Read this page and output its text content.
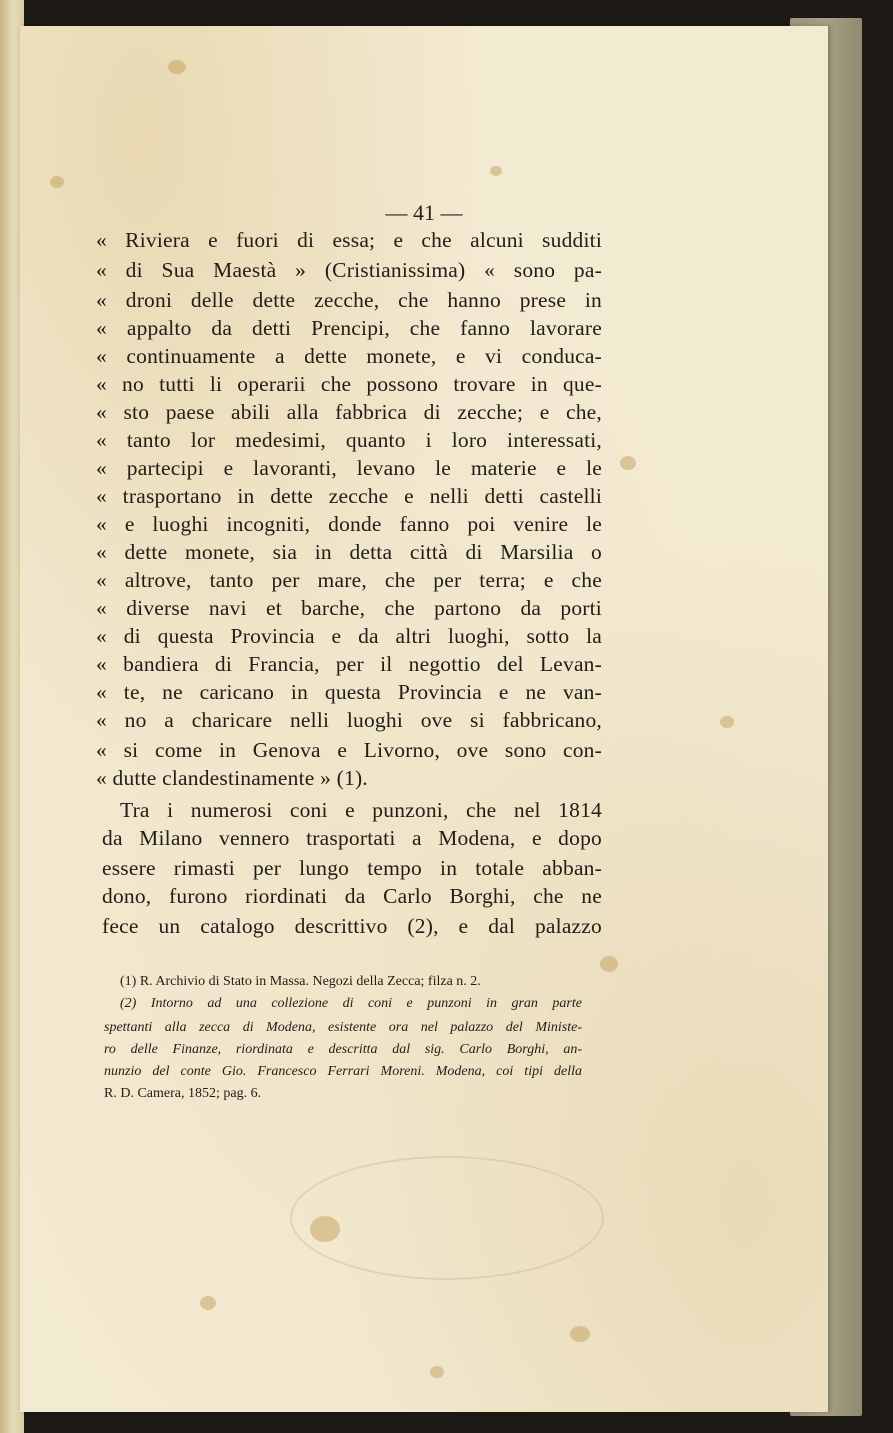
— 41 —
« Riviera e fuori di essa; e che alcuni sudditi
« di Sua Maestà » (Cristianissima) « sono pa-
« droni delle dette zecche, che hanno prese in
« appalto da detti Prencipi, che fanno lavorare
« continuamente a dette monete, e vi conduca-
« no tutti li operarii che possono trovare in que-
« sto paese abili alla fabbrica di zecche; e che,
« tanto lor medesimi, quanto i loro interessati,
« partecipi e lavoranti, levano le materie e le
« trasportano in dette zecche e nelli detti castelli
« e luoghi incogniti, donde fanno poi venire le
« dette monete, sia in detta città di Marsilia o
« altrove, tanto per mare, che per terra; e che
« diverse navi et barche, che partono da porti
« di questa Provincia e da altri luoghi, sotto la
« bandiera di Francia, per il negottio del Levan-
« te, ne caricano in questa Provincia e ne van-
« no a charicare nelli luoghi ove si fabbricano,
« si come in Genova e Livorno, ove sono con-
« dutte clandestinamente » (1).
Tra i numerosi coni e punzoni, che nel 1814
da Milano vennero trasportati a Modena, e dopo
essere rimasti per lungo tempo in totale abban-
dono, furono riordinati da Carlo Borghi, che ne
fece un catalogo descrittivo (2), e dal palazzo
(1) R. Archivio di Stato in Massa. Negozi della Zecca; filza n. 2.
(2) Intorno ad una collezione di coni e punzoni in gran parte
spettanti alla zecca di Modena, esistente ora nel palazzo del Ministe-
ro delle Finanze, riordinata e descritta dal sig. Carlo Borghi, an-
nunzio del conte Gio. Francesco Ferrari Moreni. Modena, coi tipi della
R. D. Camera, 1852; pag. 6.
